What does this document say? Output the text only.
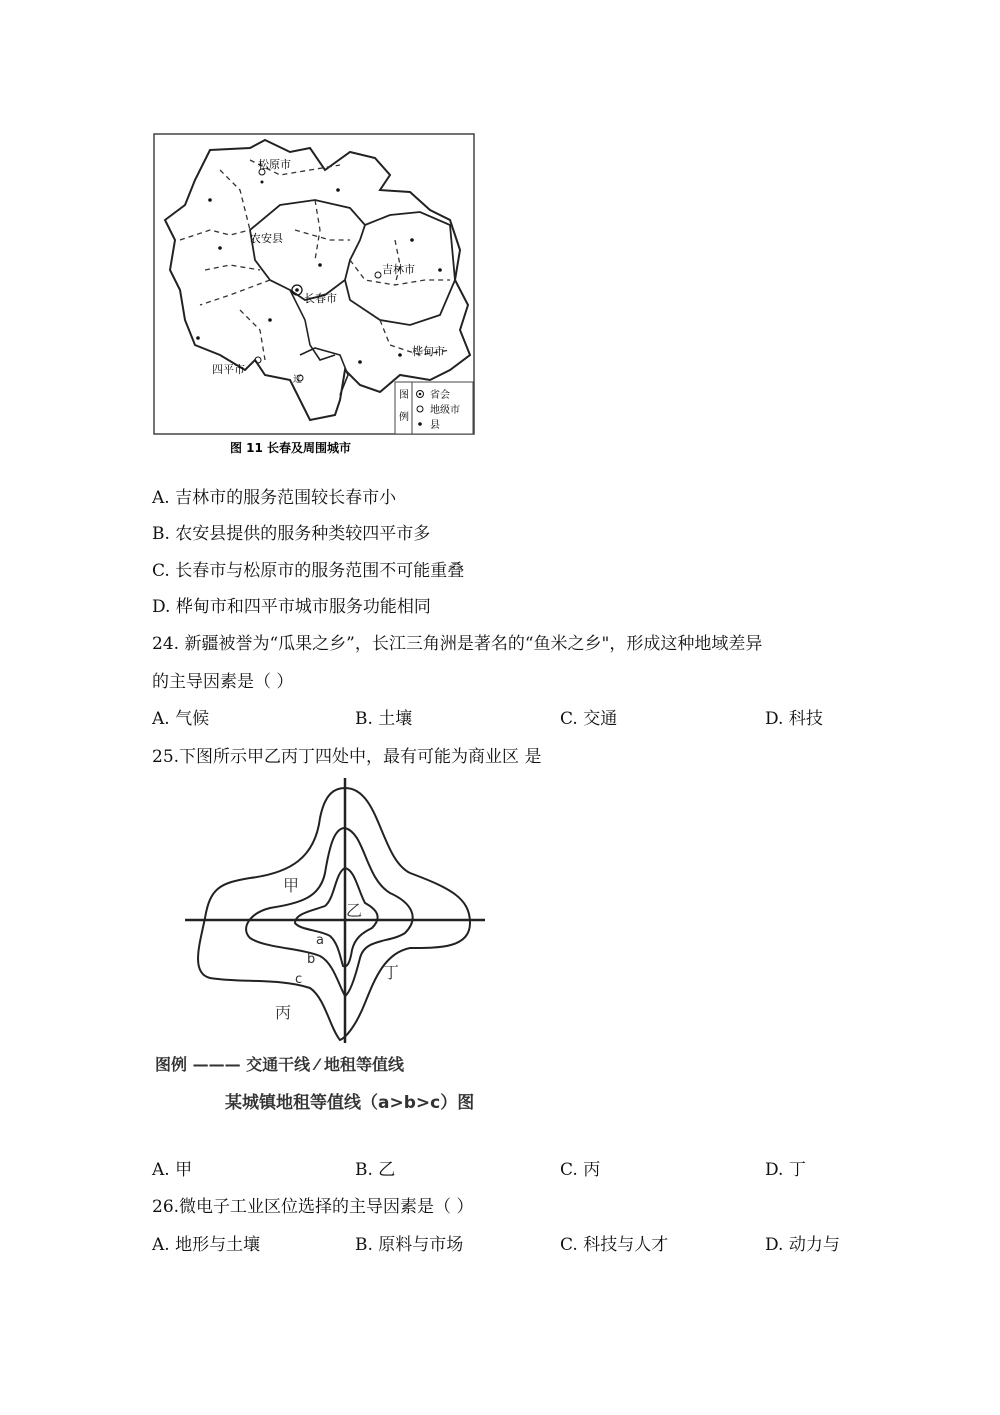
松原市
农安县
长春市
吉林市
桦甸市
四平市
辽
图
例
省会
地级市
县
图 11 长春及周围城市
A. 吉林市的服务范围较长春市小
B. 农安县提供的服务种类较四平市多
C. 长春市与松原市的服务范围不可能重叠
D. 桦甸市和四平市城市服务功能相同
24. 新疆被誉为“瓜果之乡”，长江三角洲是著名的“鱼米之乡"，形成这种地域差异
的主导因素是（ ）
A. 气候	B. 土壤	C. 交通	D. 科技
25.下图所示甲乙丙丁四处中，最有可能为商业区 是
甲
乙
a
b
c	丁
丙
图例 ——— 交通干线 ⁄ 地租等值线
某城镇地租等值线（a>b>c）图
A. 甲	B. 乙	C. 丙	D. 丁
26.微电子工业区位选择的主导因素是（ ）
A. 地形与土壤	B. 原料与市场	C. 科技与人才	D. 动力与
